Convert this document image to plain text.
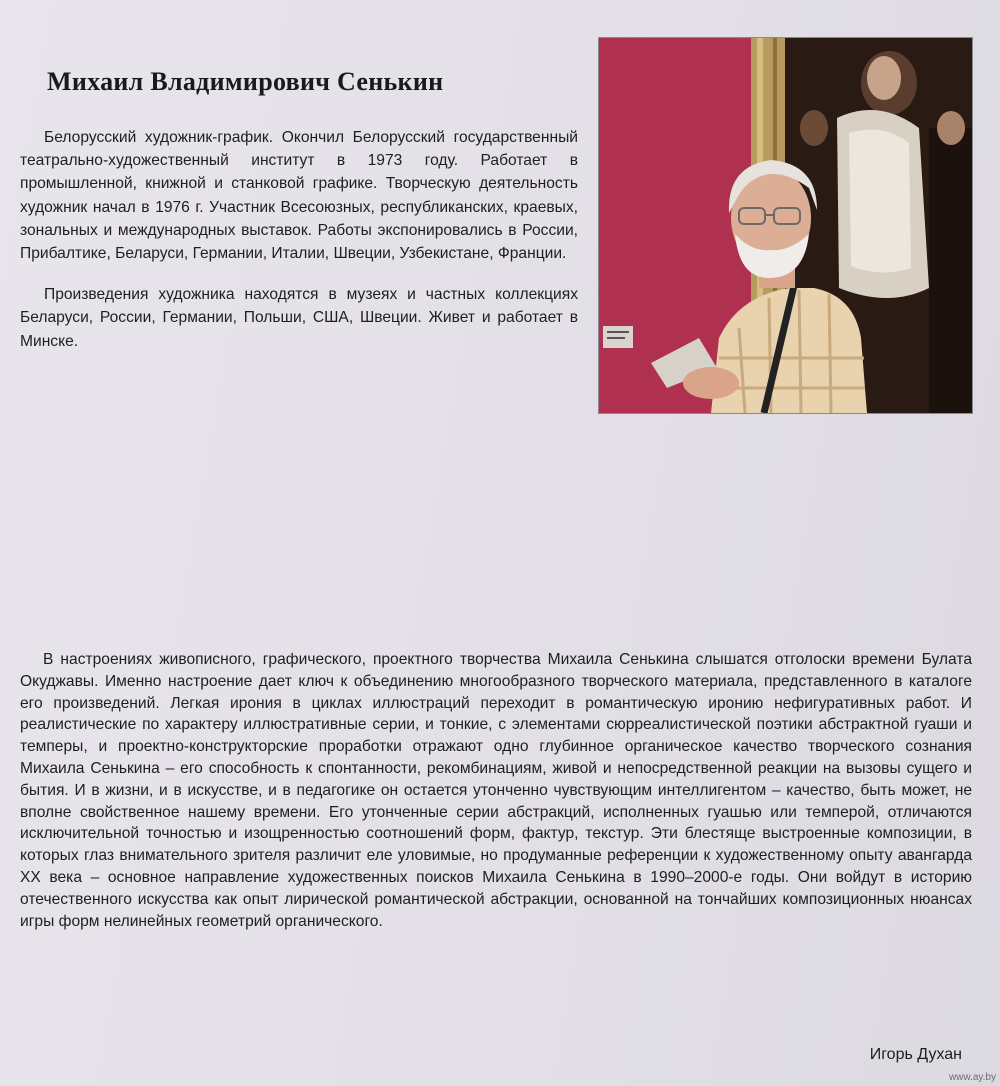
Михаил Владимирович Сенькин

Белорусский художник-график. Окончил Белорусский государственный театрально-художественный институт в 1973 году. Работает в промышленной, книжной и станковой графике. Творческую деятельность художник начал в 1976 г. Участник Всесоюзных, республиканских, краевых, зональных и международных выставок. Работы экспонировались в России, Прибалтике, Беларуси, Германии, Италии, Швеции, Узбекистане, Франции.

Произведения художника находятся в музеях и частных коллекциях Беларуси, России, Германии, Польши, США, Швеции. Живет и работает в Минске.

В настроениях живописного, графического, проектного творчества Михаила Сенькина слышатся отголоски времени Булата Окуджавы. Именно настроение дает ключ к объединению многообразного творческого материала, представленного в каталоге его произведений. Легкая ирония в циклах иллюстраций переходит в романтическую иронию нефигуративных работ. И реалистические по характеру иллюстративные серии, и тонкие, с элементами сюрреалистической поэтики абстрактной гуаши и темперы, и проектно-конструкторские проработки отражают одно глубинное органическое качество творческого сознания Михаила Сенькина – его способность к спонтанности, рекомбинациям, живой и непосредственной реакции на вызовы сущего и бытия. И в жизни, и в искусстве, и в педагогике он остается утонченно чувствующим интеллигентом – качество, быть может, не вполне свойственное нашему времени. Его утонченные серии абстракций, исполненных гуашью или темперой, отличаются исключительной точностью и изощренностью соотношений форм, фактур, текстур. Эти блестяще выстроенные композиции, в которых глаз внимательного зрителя различит еле уловимые, но продуманные референции к художественному опыту авангарда XX века – основное направление художественных поисков Михаила Сенькина в 1990–2000-е годы. Они войдут в историю отечественного искусства как опыт лирической романтической абстракции, основанной на тончайших композиционных нюансах игры форм нелинейных геометрий органического.

Игорь Духан
www.ay.by
